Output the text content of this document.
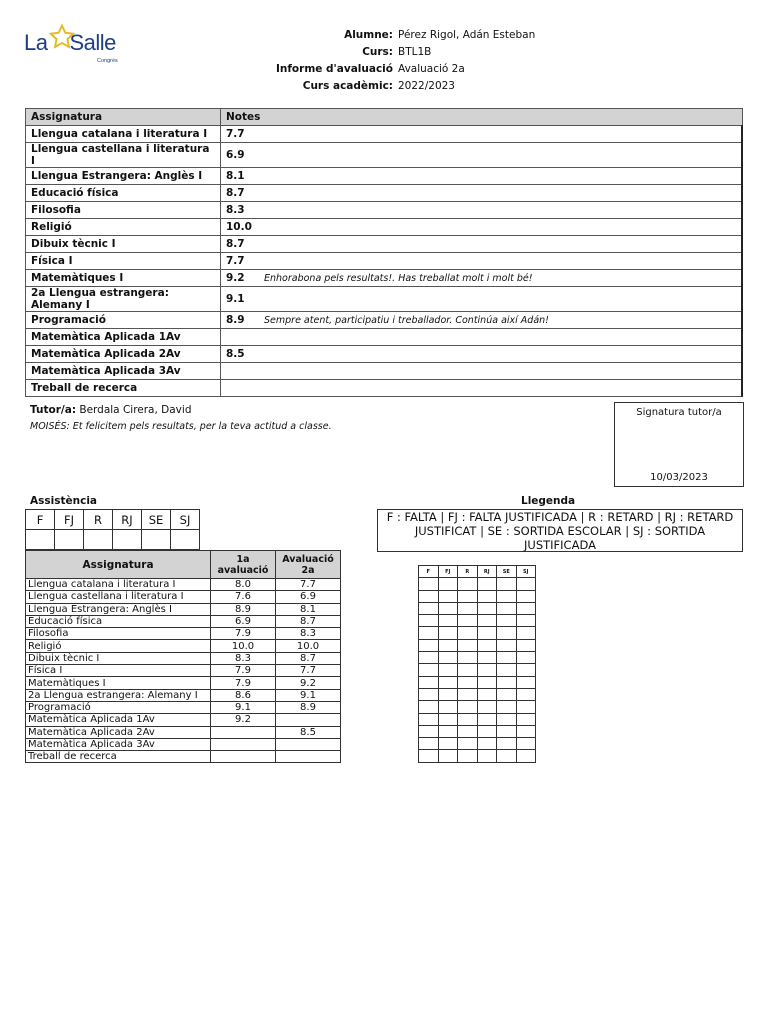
La Salle
Congrés
Alumne: Pérez Rigol, Adán Esteban
Curs: BTL1B
Informe d'avaluació Avaluació 2a
Curs acadèmic: 2022/2023
Assignatura	Notes
Llengua catalana i literatura I	7.7
Llengua castellana i literatura I	6.9
Llengua Estrangera: Anglès I	8.1
Educació física	8.7
Filosofia	8.3
Religió	10.0
Dibuix tècnic I	8.7
Física I	7.7
Matemàtiques I	9.2 Enhorabona pels resultats!. Has treballat molt i molt bé!
2a Llengua estrangera: Alemany I	9.1
Programació	8.9 Sempre atent, participatiu i treballador. Continúa així Adán!
Matemàtica Aplicada 1Av	
Matemàtica Aplicada 2Av	8.5
Matemàtica Aplicada 3Av	
Treball de recerca	
Tutor/a: Berdala Cirera, David
MOISÉS: Et felicitem pels resultats, per la teva actitud a classe.
Signatura tutor/a
10/03/2023
Assistència
F	FJ	R	RJ	SE	SJ

Llegenda
F : FALTA | FJ : FALTA JUSTIFICADA | R : RETARD | RJ : RETARD JUSTIFICAT | SE : SORTIDA ESCOLAR | SJ : SORTIDA JUSTIFICADA
Assignatura	1a avaluació	Avaluació 2a
Llengua catalana i literatura I	8.0	7.7
Llengua castellana i literatura I	7.6	6.9
Llengua Estrangera: Anglès I	8.9	8.1
Educació física	6.9	8.7
Filosofia	7.9	8.3
Religió	10.0	10.0
Dibuix tècnic I	8.3	8.7
Física I	7.9	7.7
Matemàtiques I	7.9	9.2
2a Llengua estrangera: Alemany I	8.6	9.1
Programació	9.1	8.9
Matemàtica Aplicada 1Av	9.2	
Matemàtica Aplicada 2Av		8.5
Matemàtica Aplicada 3Av		
Treball de recerca		
F	FJ	R	RJ	SE	SJ
